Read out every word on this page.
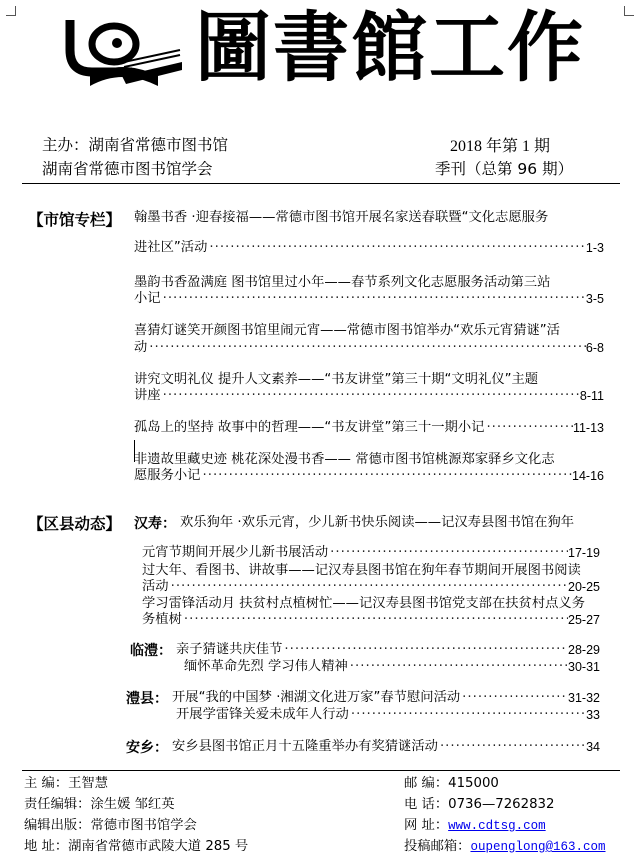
圖書館工作
主办：湖南省常德市图书馆
湖南省常德市图书馆学会
2018 年第 1 期
季刊（总第 96 期）
【市馆专栏】 翰墨书香 ·迎春接福——常德市图书馆开展名家送春联暨“文化志愿服务
进社区”活动 ·····	1-3
墨韵书香盈满庭 图书馆里过小年——春节系列文化志愿服务活动第三站
小记 ·····	3-5
喜猜灯谜笑开颜图书馆里闹元宵——常德市图书馆举办“欢乐元宵猜谜”活
动 ·····	6-8
讲究文明礼仪 提升人文素养——“书友讲堂”第三十期“文明礼仪”主题
讲座 ·····	8-11
孤岛上的坚持 故事中的哲理——“书友讲堂”第三十一期小记 ·····	11-13
非遗故里藏史迹 桃花深处漫书香—— 常德市图书馆桃源郑家驿乡文化志
愿服务小记 ·····	14-16
【区县动态】 汉寿： 欢乐狗年 ·欢乐元宵，少儿新书快乐阅读——记汉寿县图书馆在狗年
元宵节期间开展少儿新书展活动 ·····	17-19
过大年、看图书、讲故事——记汉寿县图书馆在狗年春节期间开展图书阅读
活动 ·····	20-25
学习雷锋活动月 扶贫村点植树忙——记汉寿县图书馆党支部在扶贫村点义务
务植树 ·····	25-27
临澧： 亲子猜谜共庆佳节 ·····	28-29
缅怀革命先烈 学习伟人精神 ·····	30-31
澧县： 开展“我的中国梦 ·湘湖文化进万家”春节慰问活动 ·····	31-32
开展学雷锋关爱未成年人行动 ·····	33
安乡： 安乡县图书馆正月十五隆重举办有奖猜谜活动 ·····	34
主 编：王智慧
责任编辑：涂生媛 邹红英
编辑出版：常德市图书馆学会
地 址：湖南省常德市武陵大道 285 号
邮 编：415000
电 话：0736—7262832
网 址：www.cdtsg.com
投稿邮箱：oupenglong@163.com
